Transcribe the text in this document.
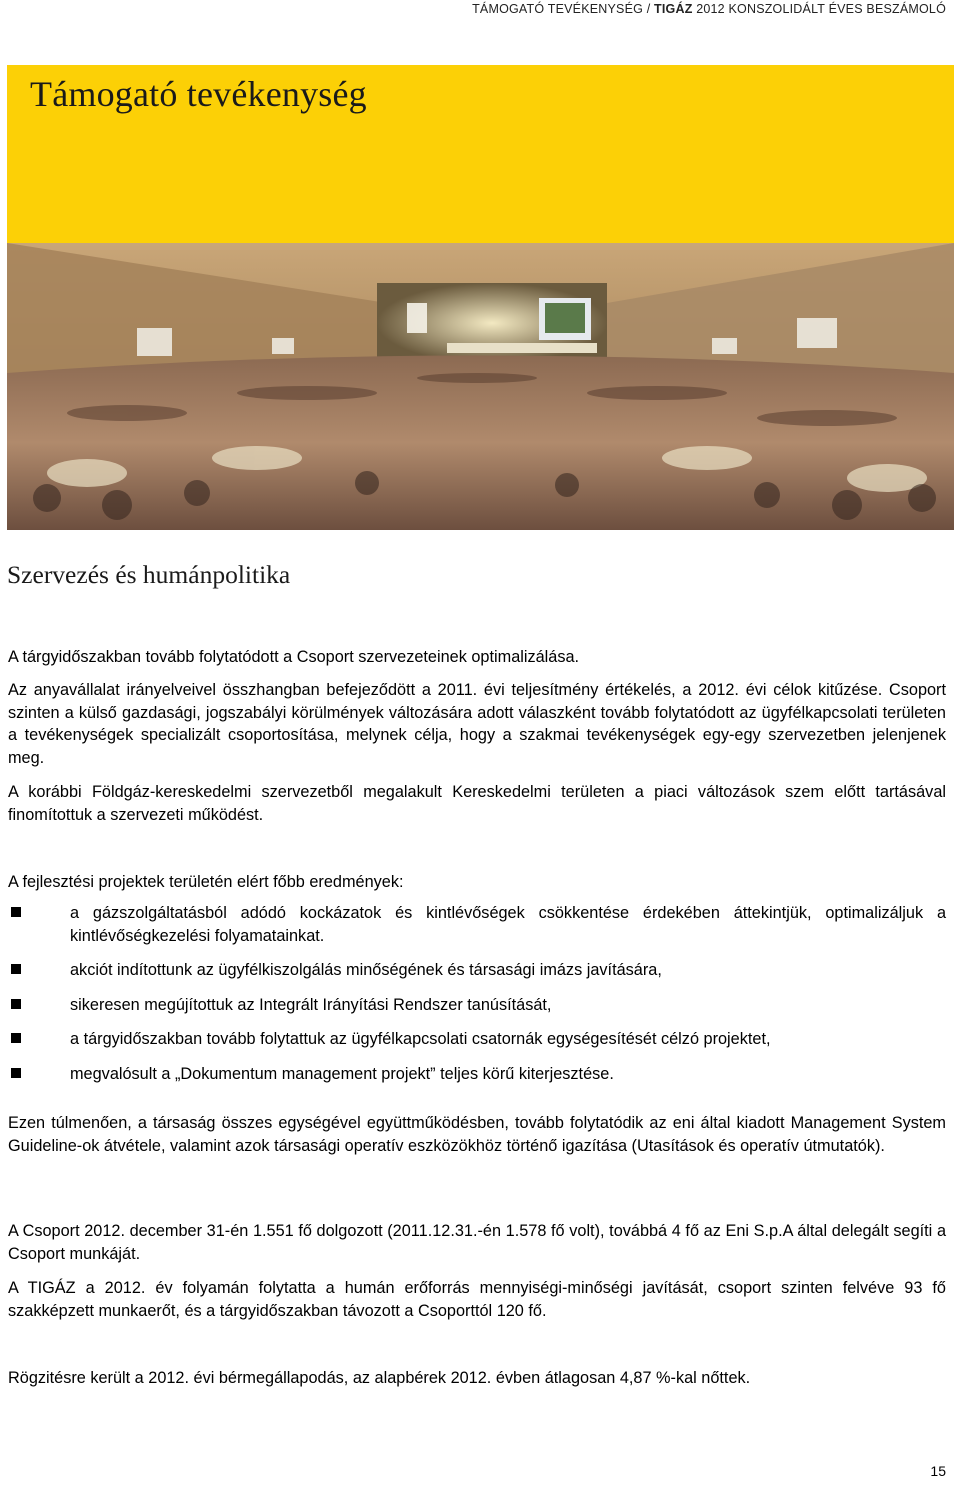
TÁMOGATÓ TEVÉKENYSÉG / TIGÁZ 2012 KONSZOLIDÁLT ÉVES BESZÁMOLÓ
Támogató tevékenység
Szervezés és humánpolitika

A tárgyidőszakban tovább folytatódott a Csoport szervezeteinek optimalizálása.

Az anyavállalat irányelveivel összhangban befejeződött a 2011. évi teljesítmény értékelés, a 2012. évi célok kitűzése. Csoport szinten a külső gazdasági, jogszabályi körülmények változására adott válaszként tovább folytatódott az ügyfélkapcsolati területen a tevékenységek specializált csoportosítása, melynek célja, hogy a szakmai tevékenységek egy-egy szervezetben jelenjenek meg.

A korábbi Földgáz-kereskedelmi szervezetből megalakult Kereskedelmi területen a piaci változások szem előtt tartásával finomítottuk a szervezeti működést.

A fejlesztési projektek területén elért főbb eredmények:

a gázszolgáltatásból adódó kockázatok és kintlévőségek csökkentése érdekében áttekintjük, optimalizáljuk a kintlévőségkezelési folyamatainkat.
akciót indítottunk az ügyfélkiszolgálás minőségének és társasági imázs javítására,
sikeresen megújítottuk az Integrált Irányítási Rendszer tanúsítását,
a tárgyidőszakban tovább folytattuk az ügyfélkapcsolati csatornák egységesítését célzó projektet,
megvalósult a „Dokumentum management projekt” teljes körű kiterjesztése.

Ezen túlmenően, a társaság összes egységével együttműködésben, tovább folytatódik az eni által kiadott Management System Guideline-ok átvétele, valamint azok társasági operatív eszközökhöz történő igazítása (Utasítások és operatív útmutatók).

A Csoport 2012. december 31-én 1.551 fő dolgozott (2011.12.31.-én 1.578 fő volt), továbbá 4 fő az Eni S.p.A által delegált segíti a Csoport munkáját.

A TIGÁZ a 2012. év folyamán folytatta a humán erőforrás mennyiségi-minőségi javítását, csoport szinten felvéve 93 fő szakképzett munkaerőt, és a tárgyidőszakban távozott a Csoporttól 120 fő.

Rögzitésre került a 2012. évi bérmegállapodás, az alapbérek 2012. évben átlagosan 4,87 %-kal nőttek.

15
